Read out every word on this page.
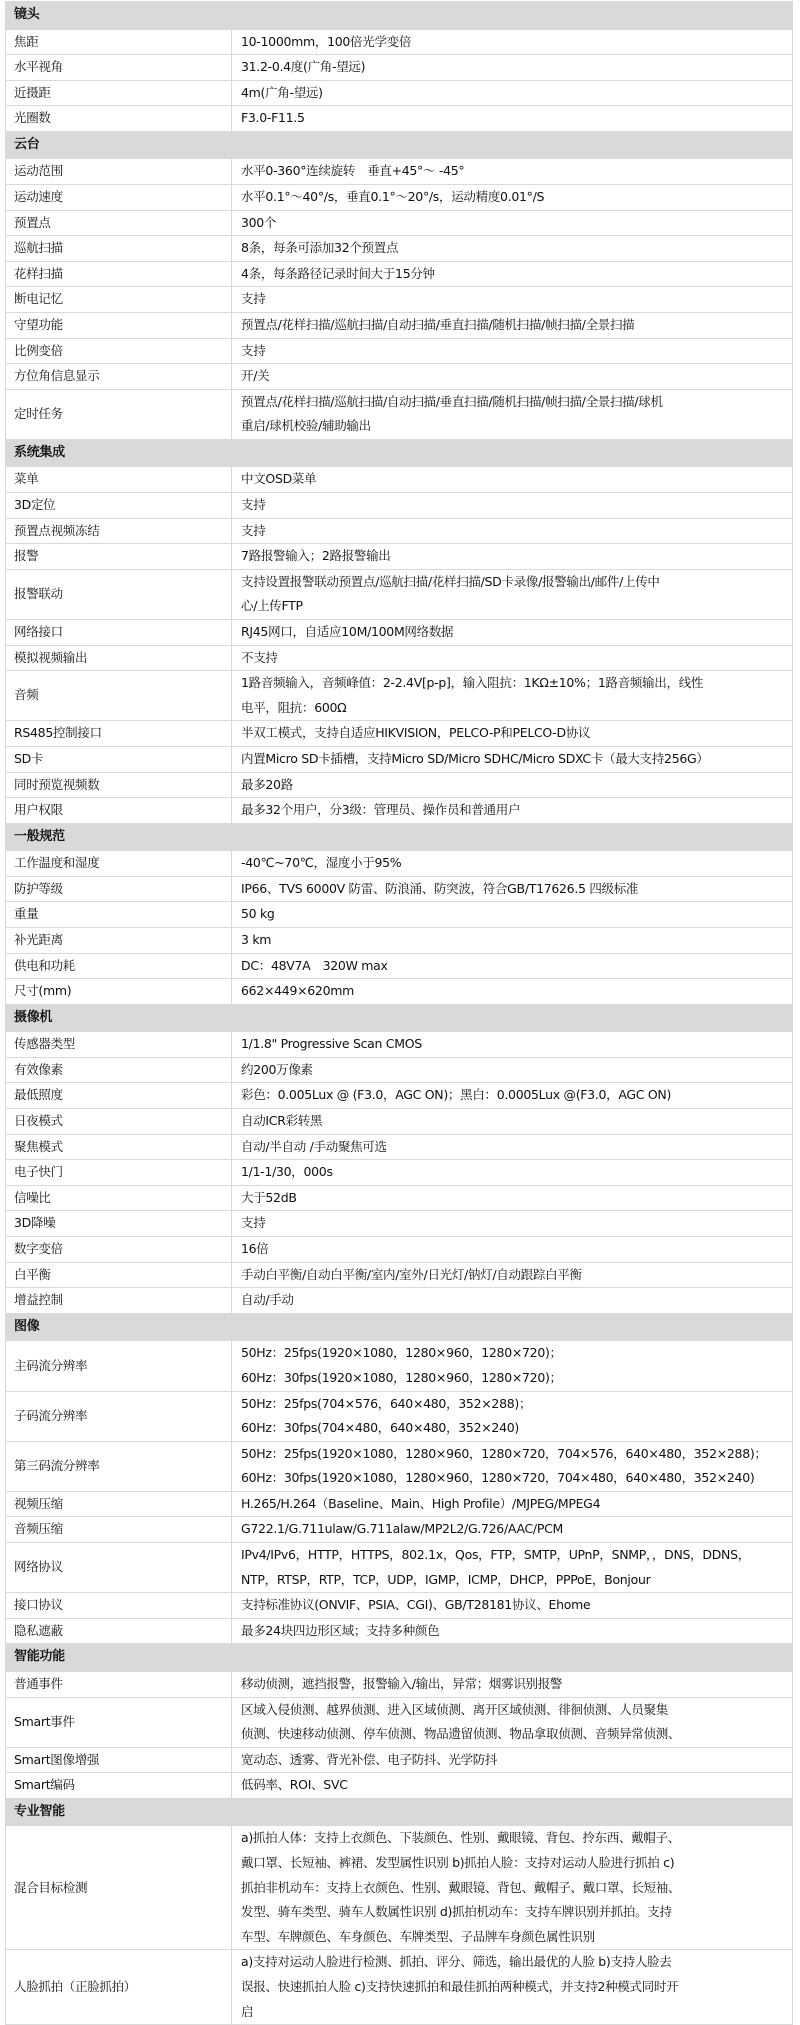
镜头	
焦距	10-1000mm，100倍光学变倍

水平视角	31.2-0.4度(广角-望远)

近摄距	4m(广角-望远)

光圈数	F3.0-F11.5

云台	
运动范围	水平0-360°连续旋转　垂直+45°～ -45°

运动速度	水平0.1°～40°/s，垂直0.1°～20°/s，运动精度0.01°/S

预置点	300个

巡航扫描	8条，每条可添加32个预置点

花样扫描	4条，每条路径记录时间大于15分钟

断电记忆	支持

守望功能	预置点/花样扫描/巡航扫描/自动扫描/垂直扫描/随机扫描/帧扫描/全景扫描

比例变倍	支持

方位角信息显示	开/关

定时任务	预置点/花样扫描/巡航扫描/自动扫描/垂直扫描/随机扫描/帧扫描/全景扫描/球机
重启/球机校验/辅助输出

系统集成	
菜单	中文OSD菜单

3D定位	支持

预置点视频冻结	支持

报警	7路报警输入；2路报警输出

报警联动	支持设置报警联动预置点/巡航扫描/花样扫描/SD卡录像/报警输出/邮件/上传中
心/上传FTP

网络接口	RJ45网口，自适应10M/100M网络数据

模拟视频输出	不支持

音频	1路音频输入，音频峰值：2-2.4V[p-p]，输入阻抗：1KΩ±10%；1路音频输出，线性
电平，阻抗：600Ω

RS485控制接口	半双工模式，支持自适应HIKVISION，PELCO-P和PELCO-D协议

SD卡	内置Micro SD卡插槽，支持Micro SD/Micro SDHC/Micro SDXC卡（最大支持256G）

同时预览视频数	最多20路

用户权限	最多32个用户，分3级：管理员、操作员和普通用户

一般规范	
工作温度和湿度	-40℃~70℃，湿度小于95%

防护等级	IP66、TVS 6000V 防雷、防浪涌、防突波，符合GB/T17626.5 四级标准

重量	50 kg

补光距离	3 km

供电和功耗	DC：48V7A　320W max

尺寸(mm)	662×449×620mm

摄像机	
传感器类型	1/1.8" Progressive Scan CMOS

有效像素	约200万像素

最低照度	彩色：0.005Lux @ (F3.0，AGC ON)；黑白：0.0005Lux @(F3.0，AGC ON)

日夜模式	自动ICR彩转黑

聚焦模式	自动/半自动 /手动聚焦可选

电子快门	1/1-1/30，000s

信噪比	大于52dB

3D降噪	支持

数字变倍	16倍

白平衡	手动白平衡/自动白平衡/室内/室外/日光灯/钠灯/自动跟踪白平衡

增益控制	自动/手动

图像	
主码流分辨率	50Hz：25fps(1920×1080，1280×960，1280×720)；
60Hz：30fps(1920×1080，1280×960，1280×720)；

子码流分辨率	50Hz：25fps(704×576，640×480，352×288)；
60Hz：30fps(704×480，640×480，352×240)

第三码流分辨率	50Hz：25fps(1920×1080，1280×960，1280×720，704×576，640×480，352×288)；
60Hz：30fps(1920×1080，1280×960，1280×720，704×480，640×480，352×240)

视频压缩	H.265/H.264（Baseline、Main、High Profile）/MJPEG/MPEG4

音频压缩	G722.1/G.711ulaw/G.711alaw/MP2L2/G.726/AAC/PCM

网络协议	IPv4/IPv6，HTTP，HTTPS，802.1x，Qos，FTP，SMTP，UPnP，SNMP，，DNS，DDNS，
NTP，RTSP，RTP，TCP，UDP，IGMP，ICMP，DHCP，PPPoE，Bonjour

接口协议	支持标准协议(ONVIF、PSIA、CGI)、GB/T28181协议、Ehome

隐私遮蔽	最多24块四边形区域；支持多种颜色

智能功能	
普通事件	移动侦测，遮挡报警，报警输入/输出，异常；烟雾识别报警

Smart事件	区域入侵侦测、越界侦测、进入区域侦测、离开区域侦测、徘徊侦测、人员聚集
侦测、快速移动侦测、停车侦测、物品遗留侦测、物品拿取侦测、音频异常侦测、

Smart图像增强	宽动态、透雾、背光补偿、电子防抖、光学防抖

Smart编码	低码率、ROI、SVC

专业智能	
混合目标检测	a)抓拍人体：支持上衣颜色、下装颜色、性别、戴眼镜、背包、拎东西、戴帽子、
戴口罩、长短袖、裤裙、发型属性识别 b)抓拍人脸：支持对运动人脸进行抓拍 c)
抓拍非机动车：支持上衣颜色、性别、戴眼镜、背包、戴帽子、戴口罩、长短袖、
发型、骑车类型、骑车人数属性识别 d)抓拍机动车：支持车牌识别并抓拍。支持
车型、车牌颜色、车身颜色、车牌类型、子品牌车身颜色属性识别

人脸抓拍（正脸抓拍）	a)支持对运动人脸进行检测、抓拍、评分、筛选，输出最优的人脸 b)支持人脸去
误报、快速抓拍人脸 c)支持快速抓拍和最佳抓拍两种模式，并支持2种模式同时开
启
